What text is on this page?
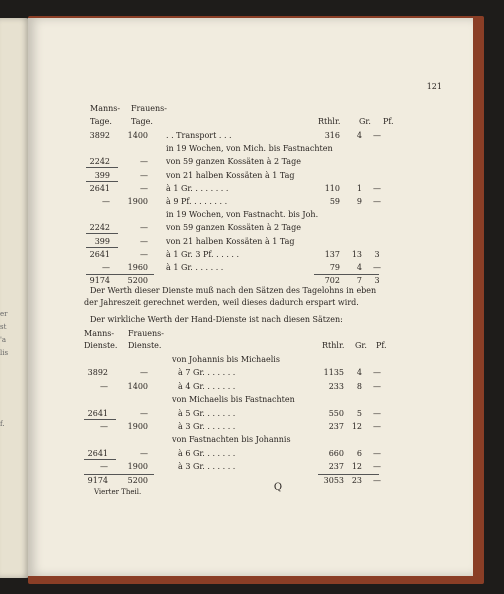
er
st
'a
lis
f.
121
Manns- Frauens-
Tage. Tage.	Rthlr. Gr. Pf.
Der Werth dieser Dienste muß nach den Sätzen des Tagelohns in eben
der Jahreszeit gerechnet werden, weil dieses dadurch erspart wird.
Der wirkliche Werth der Hand-Dienste ist nach diesen Sätzen:
Manns- Frauens-
Dienste. Dienste.	Rthlr. Gr. Pf.
Vierter Theil.	Q
3892	1400 . . Transport . . .	316	4 —
in 19 Wochen, von Mich. bis Fastnachten
2242	— von 59 ganzen Kossäten à 2 Tage
399	— von 21 halben Kossäten à 1 Tag
2641	— à 1 Gr. . . . . . . .	110	1 —
—	1900 à 9 Pf. . . . . . . .	59	9 —
in 19 Wochen, von Fastnacht. bis Joh.
2242	— von 59 ganzen Kossäten à 2 Tage
399	— von 21 halben Kossäten à 1 Tag
2641	— à 1 Gr. 3 Pf. . . . . .	137	13	3
—	1960 à 1 Gr. . . . . . .	79	4 —
9174	5200	702	7	3
von Johannis bis Michaelis
3892	—	à 7 Gr. . . . . . .	1135	4 —
—	1400	à 4 Gr. . . . . . .	233	8 —
von Michaelis bis Fastnachten
2641	—	à 5 Gr. . . . . . .	550	5 —
—	1900	à 3 Gr. . . . . . .	237 12 —
von Fastnachten bis Johannis
2641	—	à 6 Gr. . . . . . .	660	6 —
—	1900	à 3 Gr. . . . . . .	237 12 —
9174	5200	3053 23 —
